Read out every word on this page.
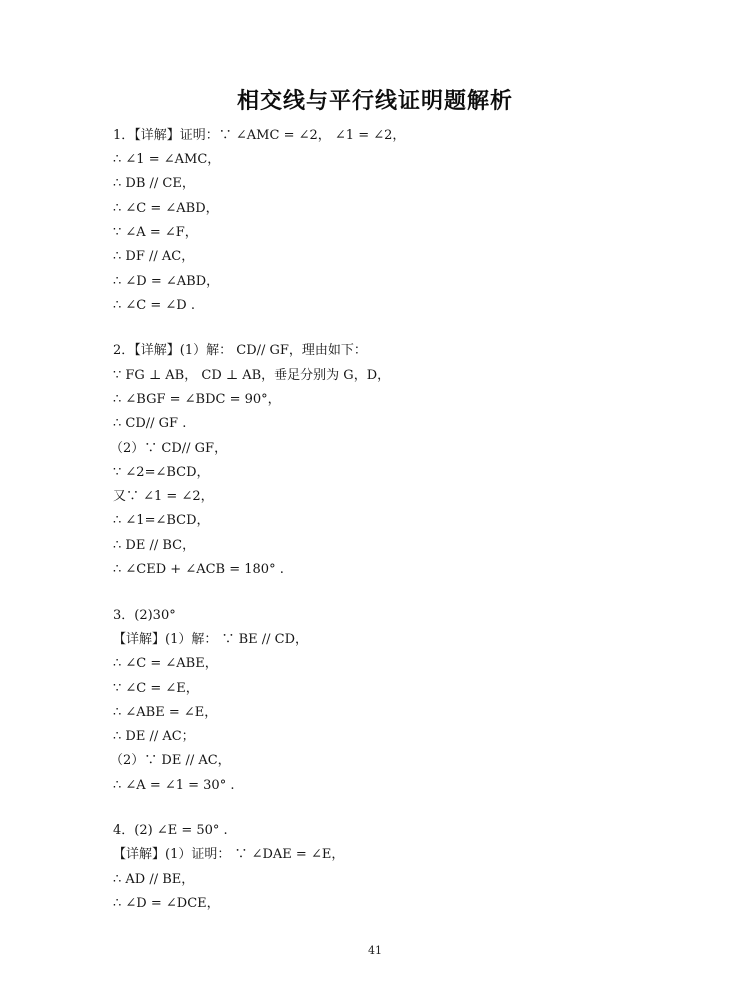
相交线与平行线证明题解析
1．【详解】证明：∵ ∠AMC = ∠2， ∠1 = ∠2，
∴ ∠1 = ∠AMC，
∴ DB // CE，
∴ ∠C = ∠ABD，
∵ ∠A = ∠F，
∴ DF // AC，
∴ ∠D = ∠ABD，
∴ ∠C = ∠D .
2．【详解】(1）解： CD// GF，理由如下：
∵ FG ⊥ AB， CD ⊥ AB，垂足分别为 G，D，
∴ ∠BGF = ∠BDC = 90°，
∴ CD// GF .
（2）∵ CD// GF，
∵ ∠2=∠BCD，
又∵ ∠1 = ∠2，
∴ ∠1=∠BCD，
∴ DE // BC，
∴ ∠CED + ∠ACB = 180° .
3．(2)30°
【详解】(1）解： ∵ BE // CD，
∴ ∠C = ∠ABE，
∵ ∠C = ∠E，
∴ ∠ABE = ∠E，
∴ DE // AC；
（2）∵ DE // AC，
∴ ∠A = ∠1 = 30° .
4．(2) ∠E = 50° .
【详解】(1）证明： ∵ ∠DAE = ∠E，
∴ AD // BE，
∴ ∠D = ∠DCE，
41
